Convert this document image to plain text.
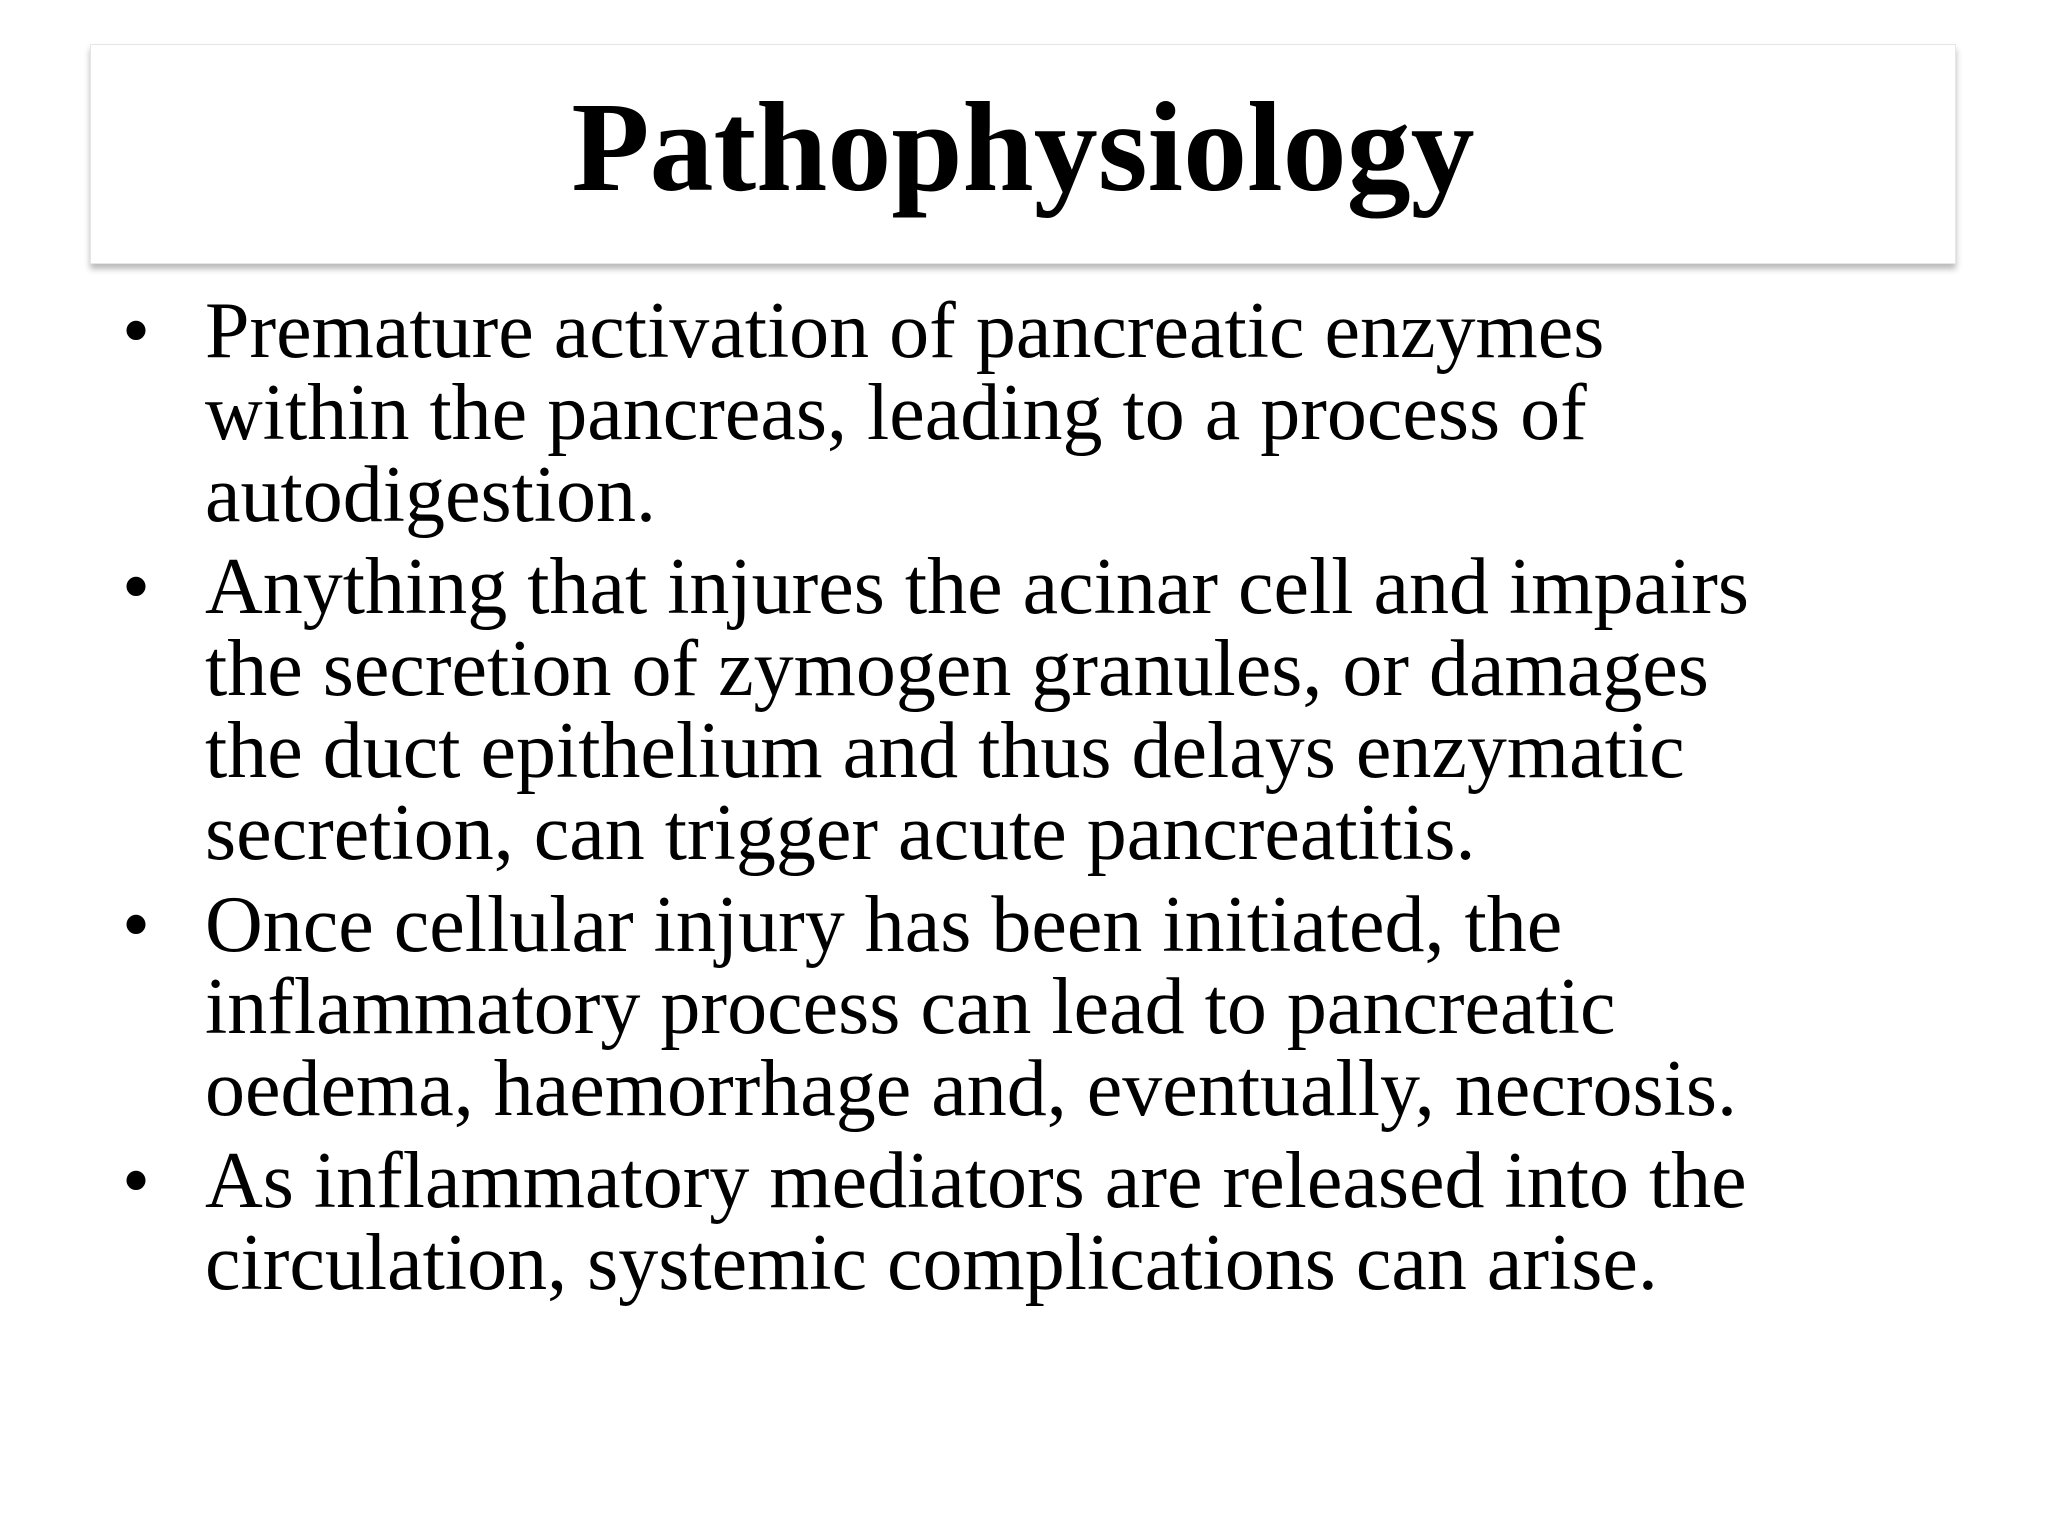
Pathophysiology
• Premature activation of pancreatic enzymes
within the pancreas, leading to a process of
autodigestion.
• Anything that injures the acinar cell and impairs
the secretion of zymogen granules, or damages
the duct epithelium and thus delays enzymatic
secretion, can trigger acute pancreatitis.
• Once cellular injury has been initiated, the
inflammatory process can lead to pancreatic
oedema, haemorrhage and, eventually, necrosis.
• As inflammatory mediators are released into the
circulation, systemic complications can arise.
